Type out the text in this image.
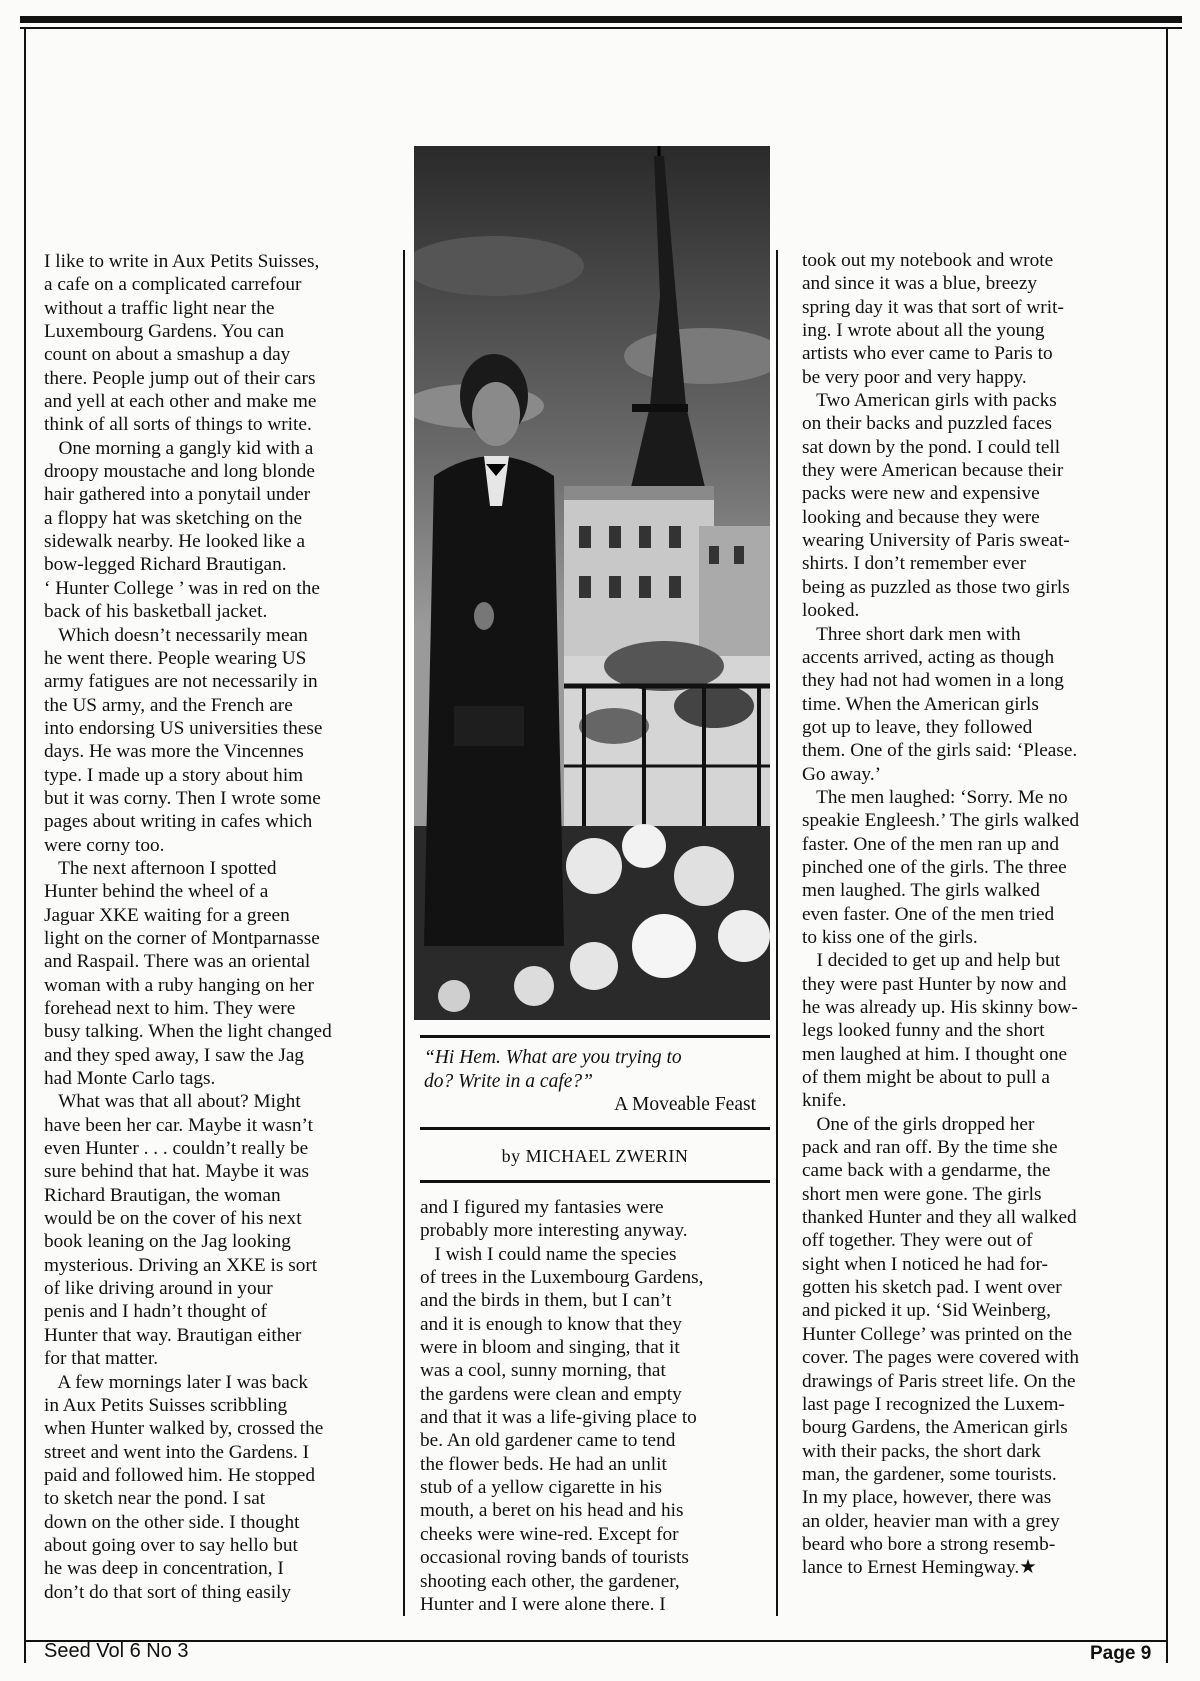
I like to write in Aux Petits Suisses,
a cafe on a complicated carrefour
without a traffic light near the
Luxembourg Gardens. You can
count on about a smashup a day
there. People jump out of their cars
and yell at each other and make me
think of all sorts of things to write.
One morning a gangly kid with a
droopy moustache and long blonde
hair gathered into a ponytail under
a floppy hat was sketching on the
sidewalk nearby. He looked like a
bow-legged Richard Brautigan.
‘ Hunter College ’ was in red on the
back of his basketball jacket.
Which doesn’t necessarily mean
he went there. People wearing US
army fatigues are not necessarily in
the US army, and the French are
into endorsing US universities these
days. He was more the Vincennes
type. I made up a story about him
but it was corny. Then I wrote some
pages about writing in cafes which
were corny too.
The next afternoon I spotted
Hunter behind the wheel of a
Jaguar XKE waiting for a green
light on the corner of Montparnasse
and Raspail. There was an oriental
woman with a ruby hanging on her
forehead next to him. They were
busy talking. When the light changed
and they sped away, I saw the Jag
had Monte Carlo tags.
What was that all about? Might
have been her car. Maybe it wasn’t
even Hunter . . . couldn’t really be
sure behind that hat. Maybe it was
Richard Brautigan, the woman
would be on the cover of his next
book leaning on the Jag looking
mysterious. Driving an XKE is sort
of like driving around in your
penis and I hadn’t thought of
Hunter that way. Brautigan either
for that matter.
A few mornings later I was back
in Aux Petits Suisses scribbling
when Hunter walked by, crossed the
street and went into the Gardens. I
paid and followed him. He stopped
to sketch near the pond. I sat
down on the other side. I thought
about going over to say hello but
he was deep in concentration, I
don’t do that sort of thing easily
“Hi Hem. What are you trying to
do? Write in a cafe?”
A Moveable Feast
by MICHAEL ZWERIN
and I figured my fantasies were
probably more interesting anyway.
I wish I could name the species
of trees in the Luxembourg Gardens,
and the birds in them, but I can’t
and it is enough to know that they
were in bloom and singing, that it
was a cool, sunny morning, that
the gardens were clean and empty
and that it was a life-giving place to
be. An old gardener came to tend
the flower beds. He had an unlit
stub of a yellow cigarette in his
mouth, a beret on his head and his
cheeks were wine-red. Except for
occasional roving bands of tourists
shooting each other, the gardener,
Hunter and I were alone there. I
took out my notebook and wrote
and since it was a blue, breezy
spring day it was that sort of writ-
ing. I wrote about all the young
artists who ever came to Paris to
be very poor and very happy.
Two American girls with packs
on their backs and puzzled faces
sat down by the pond. I could tell
they were American because their
packs were new and expensive
looking and because they were
wearing University of Paris sweat-
shirts. I don’t remember ever
being as puzzled as those two girls
looked.
Three short dark men with
accents arrived, acting as though
they had not had women in a long
time. When the American girls
got up to leave, they followed
them. One of the girls said: ‘Please.
Go away.’
The men laughed: ‘Sorry. Me no
speakie Engleesh.’ The girls walked
faster. One of the men ran up and
pinched one of the girls. The three
men laughed. The girls walked
even faster. One of the men tried
to kiss one of the girls.
I decided to get up and help but
they were past Hunter by now and
he was already up. His skinny bow-
legs looked funny and the short
men laughed at him. I thought one
of them might be about to pull a
knife.
One of the girls dropped her
pack and ran off. By the time she
came back with a gendarme, the
short men were gone. The girls
thanked Hunter and they all walked
off together. They were out of
sight when I noticed he had for-
gotten his sketch pad. I went over
and picked it up. ‘Sid Weinberg,
Hunter College’ was printed on the
cover. The pages were covered with
drawings of Paris street life. On the
last page I recognized the Luxem-
bourg Gardens, the American girls
with their packs, the short dark
man, the gardener, some tourists.
In my place, however, there was
an older, heavier man with a grey
beard who bore a strong resemb-
lance to Ernest Hemingway.★
Seed Vol 6 No 3	Page 9
